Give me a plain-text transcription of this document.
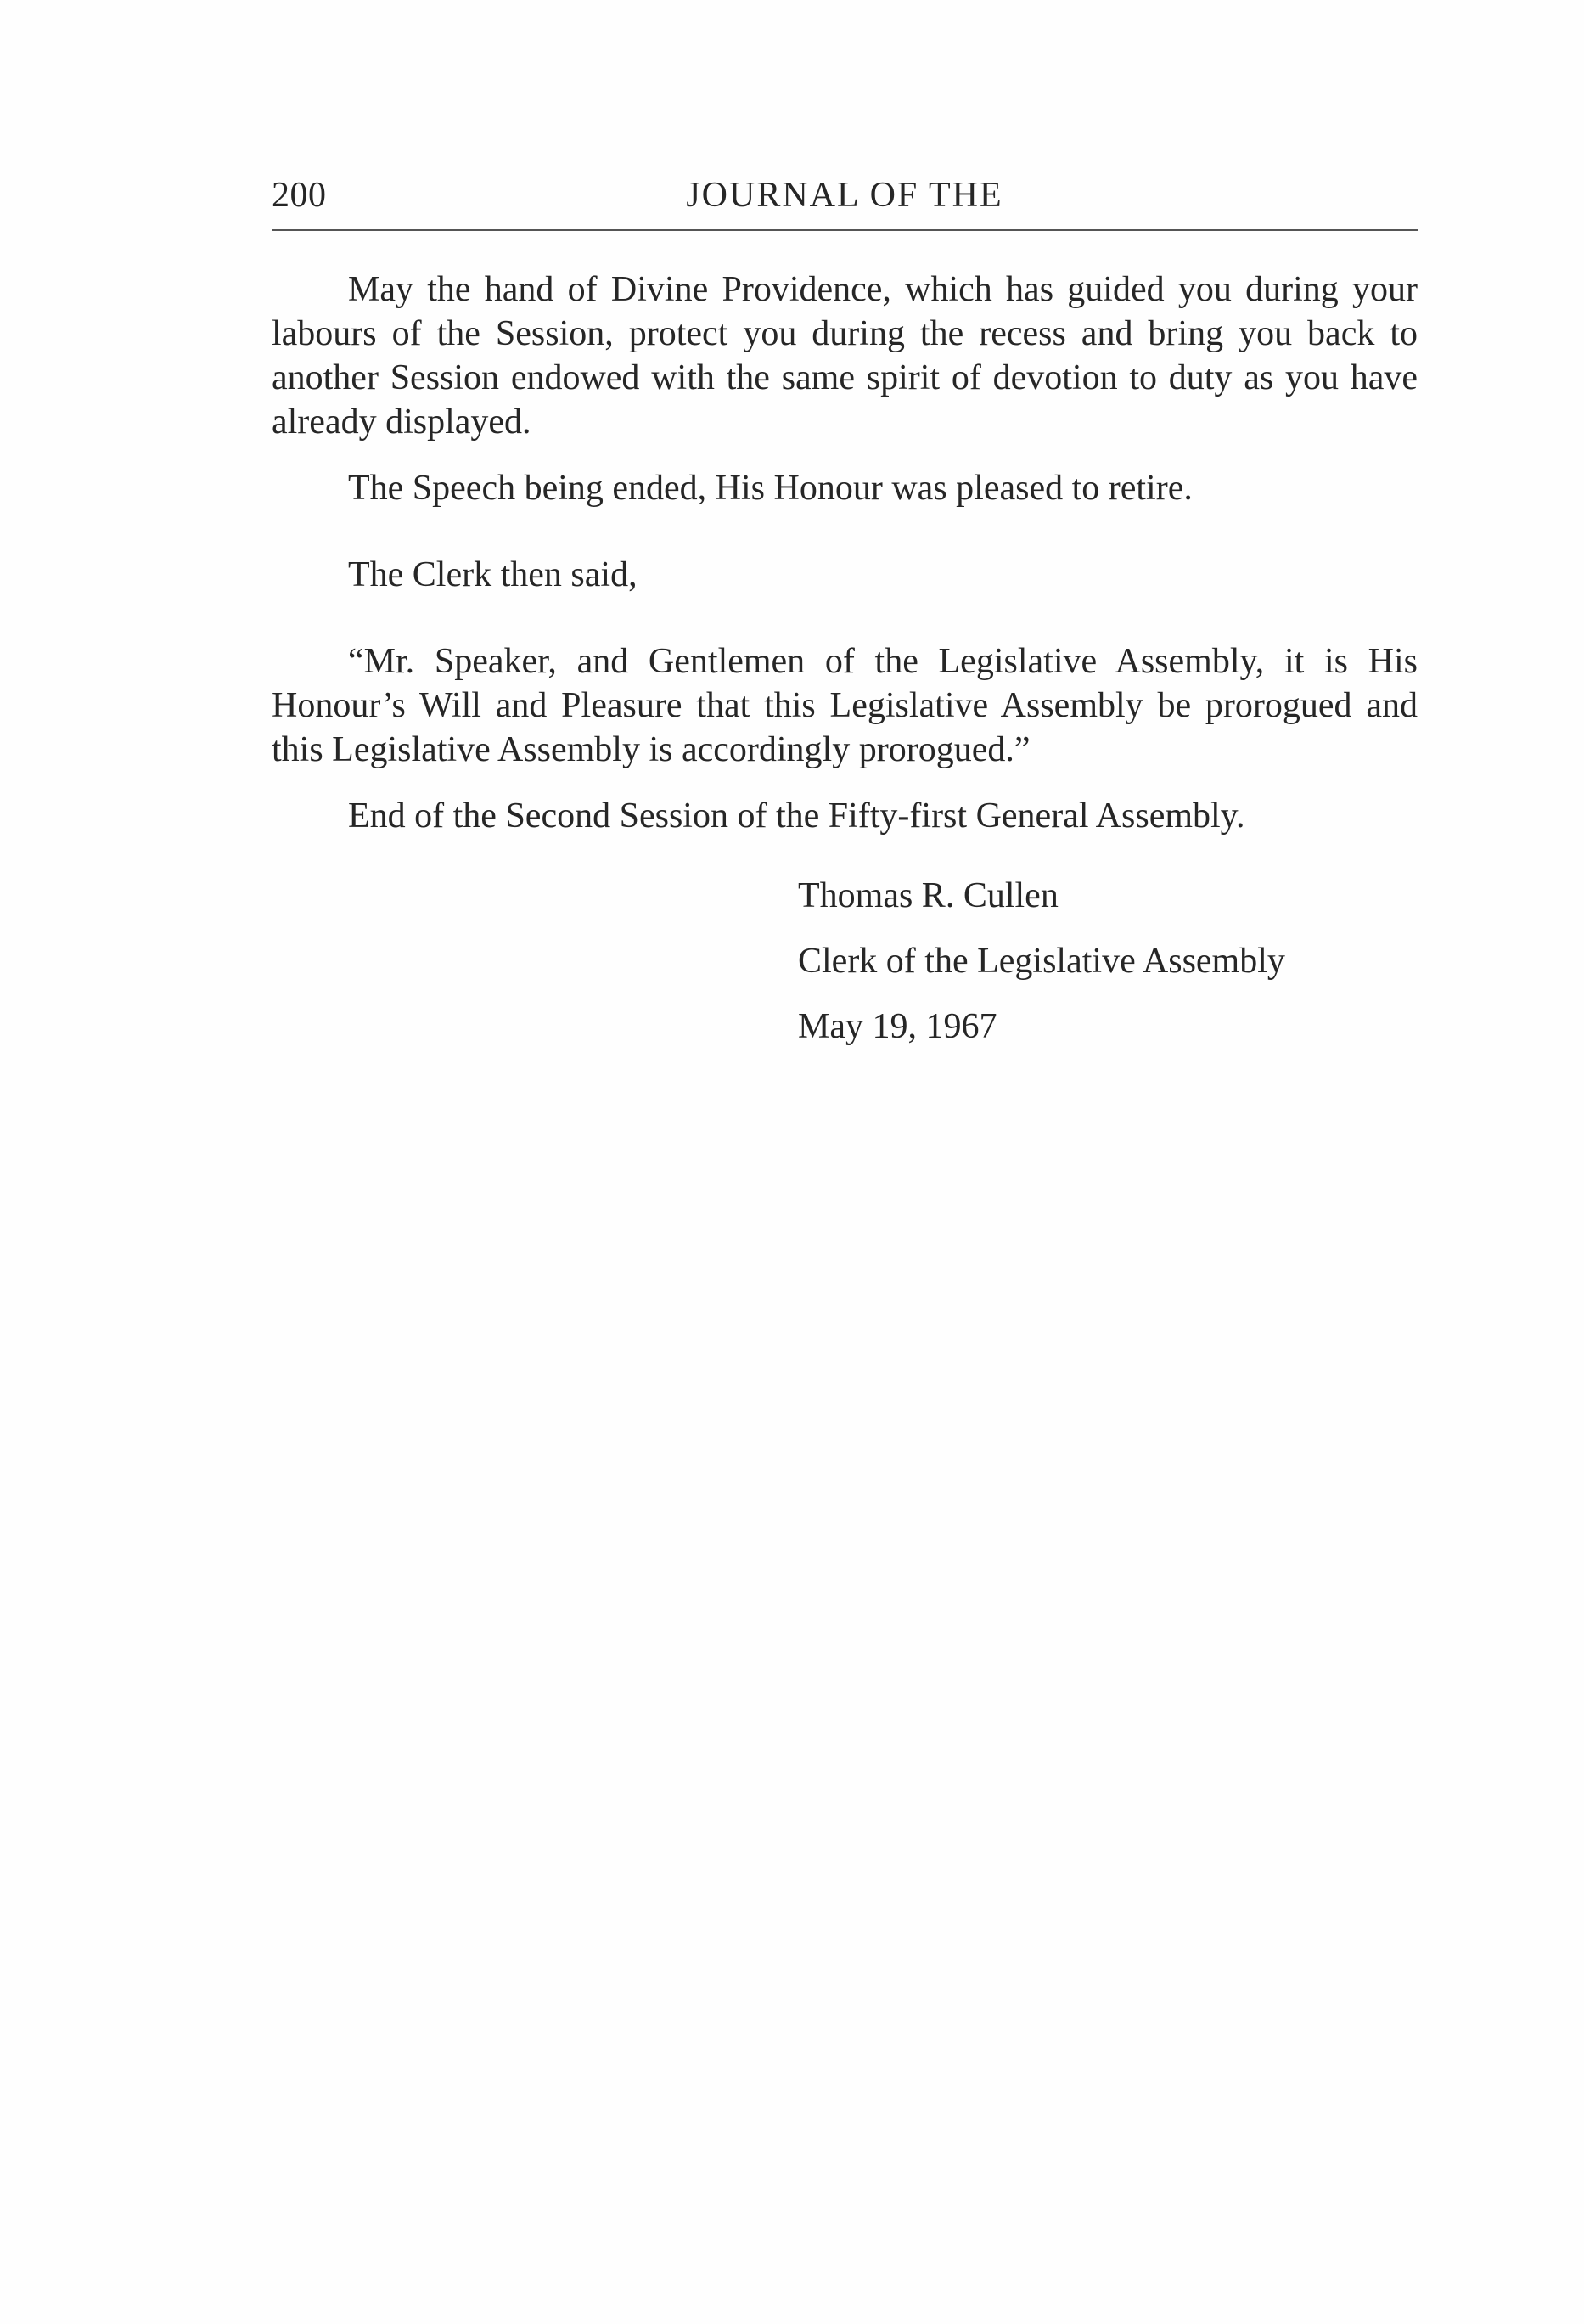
200	JOURNAL OF THE

May the hand of Divine Providence, which has guided you during your labours of the Session, protect you during the recess and bring you back to another Session endowed with the same spirit of devotion to duty as you have already displayed.

The Speech being ended, His Honour was pleased to retire.

The Clerk then said,

“Mr. Speaker, and Gentlemen of the Legislative Assembly, it is His Honour’s Will and Pleasure that this Legislative Assembly be prorogued and this Legislative Assembly is accordingly prorogued.”

End of the Second Session of the Fifty-first General Assembly.

Thomas R. Cullen
Clerk of the Legislative Assembly
May 19, 1967
